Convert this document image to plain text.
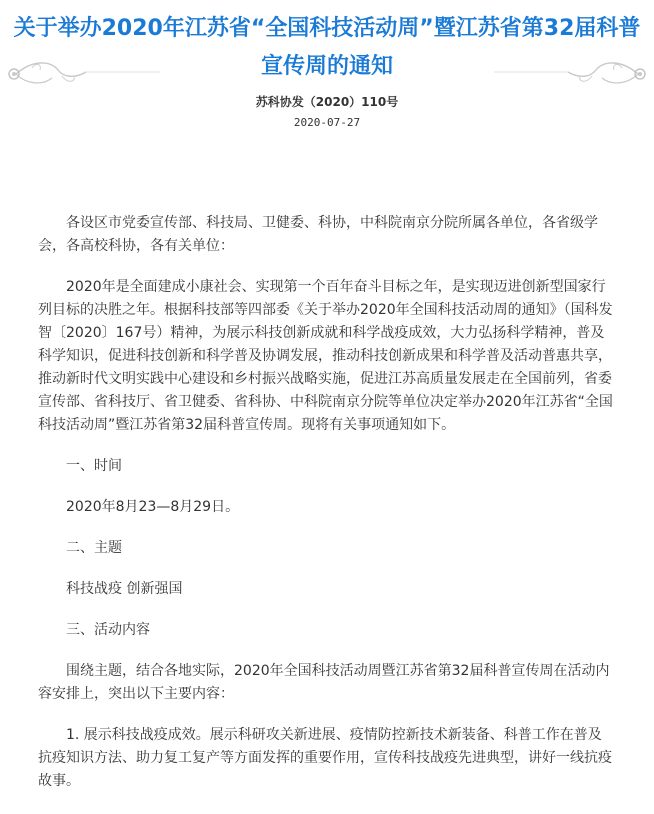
关于举办2020年江苏省“全国科技活动周”暨江苏省第32届科普宣传周的通知
苏科协发（2020）110号
2020-07-27

各设区市党委宣传部、科技局、卫健委、科协，中科院南京分院所属各单位，各省级学会，各高校科协，各有关单位：

2020年是全面建成小康社会、实现第一个百年奋斗目标之年，是实现迈进创新型国家行列目标的决胜之年。根据科技部等四部委《关于举办2020年全国科技活动周的通知》（国科发智〔2020〕167号）精神，为展示科技创新成就和科学战疫成效，大力弘扬科学精神，普及科学知识，促进科技创新和科学普及协调发展，推动科技创新成果和科学普及活动普惠共享，推动新时代文明实践中心建设和乡村振兴战略实施，促进江苏高质量发展走在全国前列，省委宣传部、省科技厅、省卫健委、省科协、中科院南京分院等单位决定举办2020年江苏省“全国科技活动周”暨江苏省第32届科普宣传周。现将有关事项通知如下。

一、时间

2020年8月23—8月29日。

二、主题

科技战疫 创新强国

三、活动内容

围绕主题，结合各地实际，2020年全国科技活动周暨江苏省第32届科普宣传周在活动内容安排上，突出以下主要内容：

1. 展示科技战疫成效。展示科研攻关新进展、疫情防控新技术新装备、科普工作在普及抗疫知识方法、助力复工复产等方面发挥的重要作用，宣传科技战疫先进典型，讲好一线抗疫故事。
